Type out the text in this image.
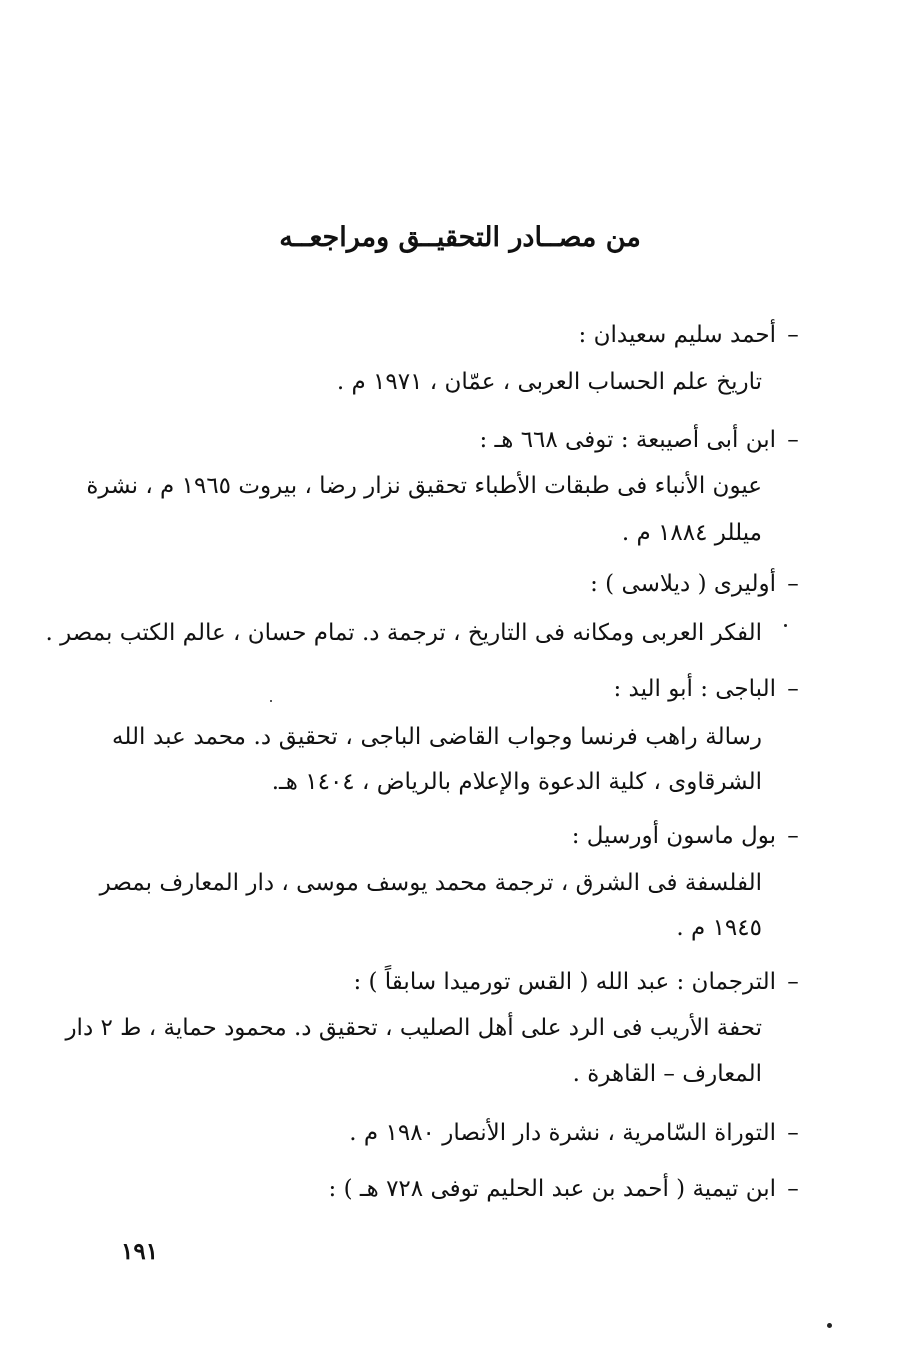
من مصــادر التحقيــق ومراجعــه
–أحمد سليم سعيدان :
تاريخ علم الحساب العربى ، عمّان ، ١٩٧١ م .
–ابن أبى أصيبعة : توفى ٦٦٨ هـ :
عيون الأنباء فى طبقات الأطباء تحقيق نزار رضا ، بيروت ١٩٦٥ م ، نشرة
ميللر ١٨٨٤ م .
–أوليرى ( ديلاسى ) :
الفكر العربى ومكانه فى التاريخ ، ترجمة د. تمام حسان ، عالم الكتب بمصر .
–الباجى : أبو اليد :
رسالة راهب فرنسا وجواب القاضى الباجى ، تحقيق د. محمد عبد الله
الشرقاوى ، كلية الدعوة والإعلام بالرياض ، ١٤٠٤ هـ.
–بول ماسون أورسيل :
الفلسفة فى الشرق ، ترجمة محمد يوسف موسى ، دار المعارف بمصر
١٩٤٥ م .
–الترجمان : عبد الله ( القس تورميدا سابقاً ) :
تحفة الأريب فى الرد على أهل الصليب ، تحقيق د. محمود حماية ، ط ٢ دار
المعارف – القاهرة .
–التوراة السّامرية ، نشرة دار الأنصار ١٩٨٠ م .
–ابن تيمية ( أحمد بن عبد الحليم توفى ٧٢٨ هـ ) :
١٩١
